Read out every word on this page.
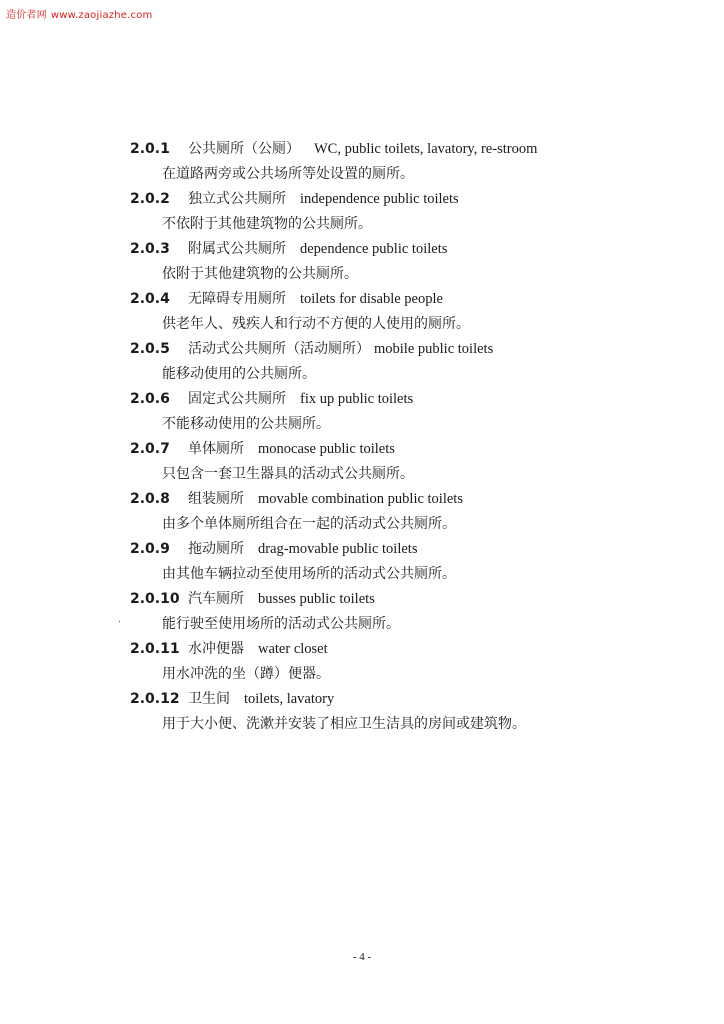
造价者网 www.zaojiazhe.com
·
2.0.1 公共厕所（公厕） WC, public toilets, lavatory, re-stroom
在道路两旁或公共场所等处设置的厕所。
2.0.2 独立式公共厕所 independence public toilets
不依附于其他建筑物的公共厕所。
2.0.3 附属式公共厕所 dependence public toilets
依附于其他建筑物的公共厕所。
2.0.4 无障碍专用厕所 toilets for disable people
供老年人、残疾人和行动不方便的人使用的厕所。
2.0.5 活动式公共厕所（活动厕所） mobile public toilets
能移动使用的公共厕所。
2.0.6 固定式公共厕所 fix up public toilets
不能移动使用的公共厕所。
2.0.7 单体厕所 monocase public toilets
只包含一套卫生器具的活动式公共厕所。
2.0.8 组装厕所 movable combination public toilets
由多个单体厕所组合在一起的活动式公共厕所。
2.0.9 拖动厕所 drag-movable public toilets
由其他车辆拉动至使用场所的活动式公共厕所。
2.0.10 汽车厕所 busses public toilets
能行驶至使用场所的活动式公共厕所。
2.0.11 水冲便器 water closet
用水冲洗的坐（蹲）便器。
2.0.12 卫生间 toilets, lavatory
用于大小便、洗漱并安装了相应卫生洁具的房间或建筑物。
- 4 -
